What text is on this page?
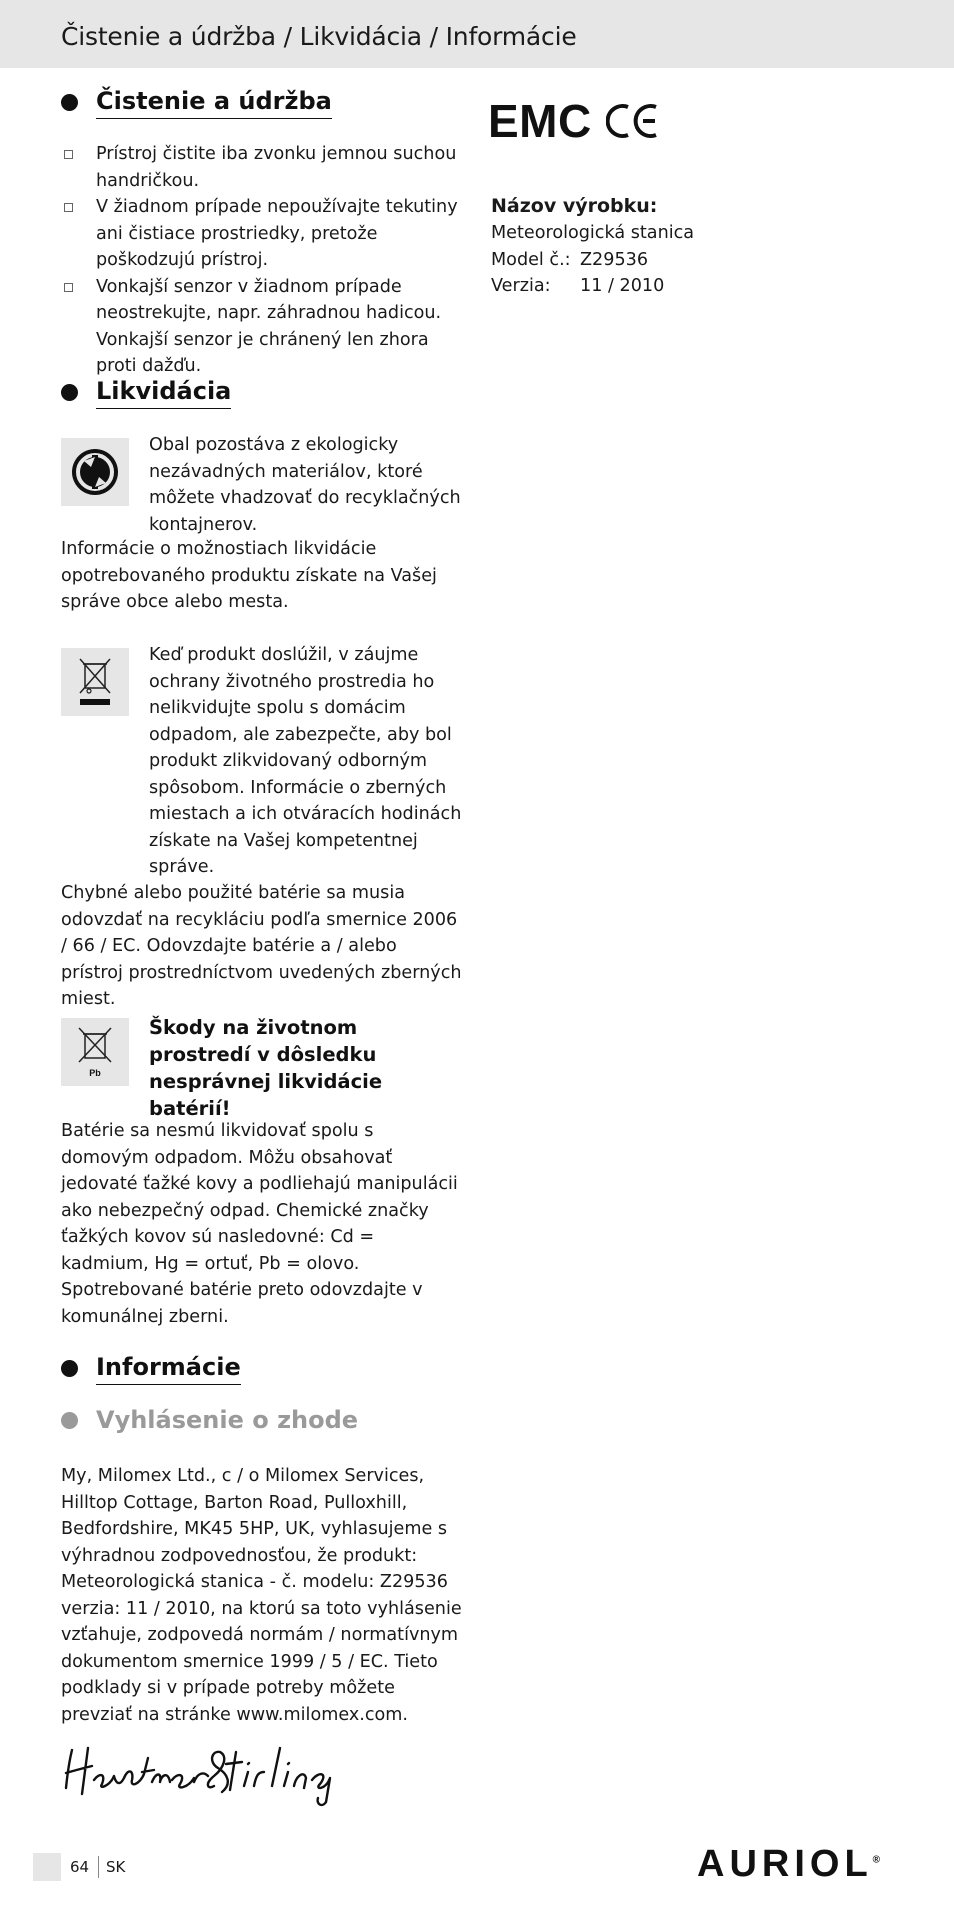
Čistenie a údržba / Likvidácia / Informácie
Čistenie a údržba
Prístroj čistite iba zvonku jemnou suchou handričkou.
V žiadnom prípade nepoužívajte tekutiny ani čistiace prostriedky, pretože poškodzujú prístroj.
Vonkajší senzor v žiadnom prípade neostrekujte, napr. záhradnou hadicou. Vonkajší senzor je chránený len zhora proti dažďu.
Likvidácia

Obal pozostáva z ekologicky nezávadných materiálov, ktoré môžete vhadzovať do recyklačných kontajnerov.

Informácie o možnostiach likvidácie opotrebovaného produktu získate na Vašej správe obce alebo mesta.

Keď produkt doslúžil, v záujme ochrany životného prostredia ho nelikvidujte spolu s domácim odpadom, ale zabezpečte, aby bol produkt zlikvidovaný odborným spôsobom. Informácie o zberných miestach a ich otváracích hodinách získate na Vašej kompetentnej správe.

Chybné alebo použité batérie sa musia odovzdať na recykláciu podľa smernice 2006 / 66 / EC. Odovzdajte batérie a / alebo prístroj prostredníctvom uvedených zberných miest.

Pb
Škody na životnom prostredí v dôsledku nesprávnej likvidácie batérií!

Batérie sa nesmú likvidovať spolu s domovým odpadom. Môžu obsahovať jedovaté ťažké kovy a podliehajú manipulácii ako nebezpečný odpad. Chemické značky ťažkých kovov sú nasledovné: Cd = kadmium, Hg = ortuť, Pb = olovo. Spotrebované batérie preto odovzdajte v komunálnej zberni.

Informácie
Vyhlásenie o zhode

My, Milomex Ltd., c / o Milomex Services, Hilltop Cottage, Barton Road, Pulloxhill, Bedfordshire, MK45 5HP, UK, vyhlasujeme s výhradnou zodpovednosťou, že produkt: Meteorologická stanica - č. modelu: Z29536 verzia: 11 / 2010, na ktorú sa toto vyhlásenie vzťahuje, zodpovedá normám / normatívnym dokumentom smernice 1999 / 5 / EC. Tieto podklady si v prípade potreby môžete prevziať na stránke www.milomex.com.

EMC
Názov výrobku:
Meteorologická stanica
Model č.: Z29536
Verzia:	11 / 2010
64	SK	AURIOL®
